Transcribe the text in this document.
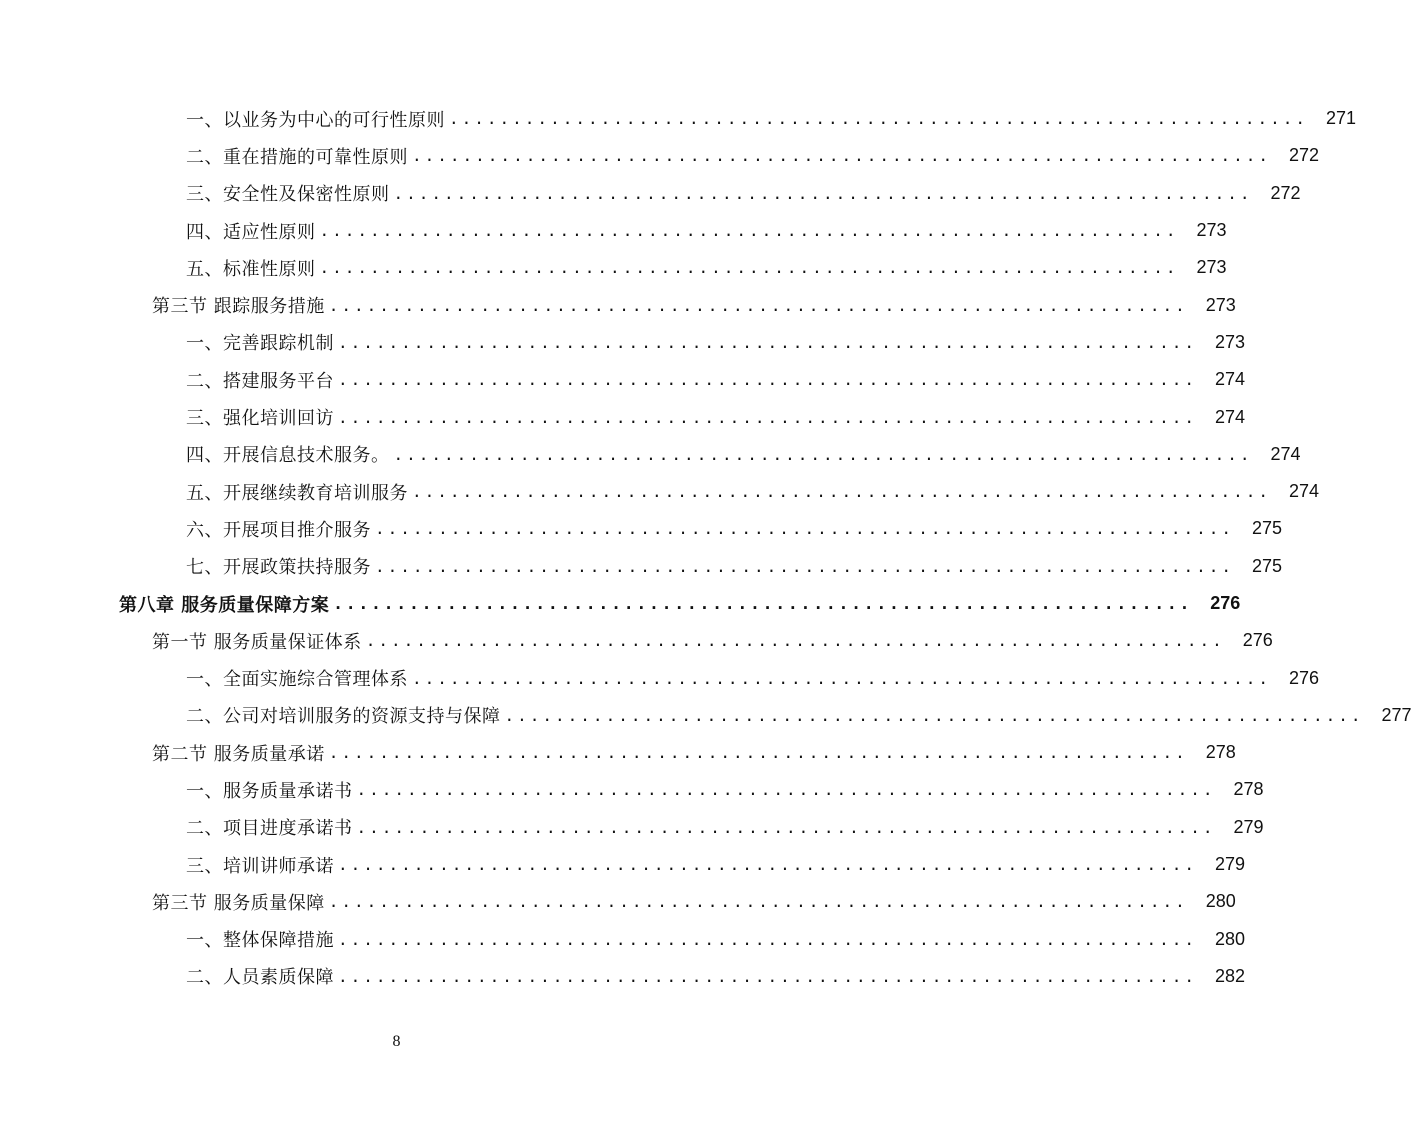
一、以业务为中心的可行性原则 .................................................................... 271
二、重在措施的可靠性原则 .................................................................... 272
三、安全性及保密性原则 .................................................................... 272
四、适应性原则 .................................................................... 273
五、标准性原则 .................................................................... 273
第三节 跟踪服务措施 .................................................................... 273
一、完善跟踪机制 .................................................................... 273
二、搭建服务平台 .................................................................... 274
三、强化培训回访 .................................................................... 274
四、开展信息技术服务。 .................................................................... 274
五、开展继续教育培训服务 .................................................................... 274
六、开展项目推介服务 .................................................................... 275
七、开展政策扶持服务 .................................................................... 275
第八章 服务质量保障方案 .................................................................... 276
第一节 服务质量保证体系 .................................................................... 276
一、全面实施综合管理体系 .................................................................... 276
二、公司对培训服务的资源支持与保障 .................................................................... 277
第二节 服务质量承诺 .................................................................... 278
一、服务质量承诺书 .................................................................... 278
二、项目进度承诺书 .................................................................... 279
三、培训讲师承诺 .................................................................... 279
第三节 服务质量保障 .................................................................... 280
一、整体保障措施 .................................................................... 280
二、人员素质保障 .................................................................... 282
8
